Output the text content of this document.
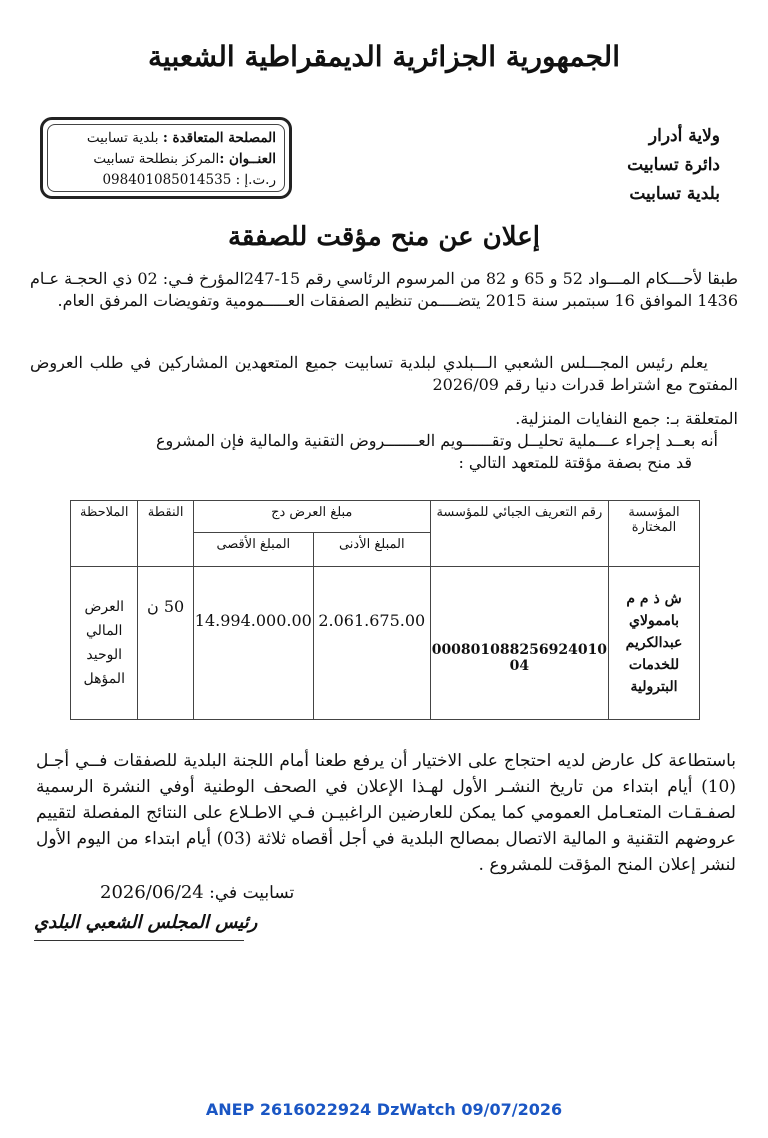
الجمهورية الجزائرية الديمقراطية الشعبية
ولاية أدرار
دائرة تسابيت
بلدية تسابيت
المصلحة المتعاقدة : بلدية تسابيت
العنــوان :المركز بنطلحة تسابيت
ر.ت.إ : 098401085014535
إعلان عن منح مؤقت للصفقة
طبقا لأحـــكام المـــواد 52 و 65 و 82 من المرسوم الرئاسي رقم 15-247المؤرخ فـي: 02 ذي الحجـة عـام 1436 الموافق 16 سبتمبر سنة 2015 يتضــــمن تنظيم الصفقات العـــــمومية وتفويضات المرفق العام.
يعلم رئيس المجـــلس الشعبي الـــبلدي لبلدية تسابيت جميع المتعهدين المشاركين في طلب العروض المفتوح مع اشتراط قدرات دنيا رقم 2026/09
المتعلقة بـ: جمع النفايات المنزلية.
أنه بعــد إجراء عـــملية تحليــل وتقــــــويم العـــــــروض التقنية والمالية فإن المشروع
قد منح بصفة مؤقتة للمتعهد التالي :
المؤسسة المختارة	رقم التعريف الجبائي للمؤسسة	مبلغ العرض دج		النقطة	الملاحظة
		المبلغ الأدنى	المبلغ الأقصى		
ش ذ م م باممولاي عبدالكريم للخدمات البترولية	000801088256924010 04	2.061.675.00	14.994.000.00	50 ن	العرض المالي الوحيد المؤهل
باستطاعة كل عارض لديه احتجاج على الاختيار أن يرفع طعنا أمام اللجنة البلدية للصفقات فــي أجـل (10) أيام ابتداء من تاريخ النشـر الأول لهـذا الإعلان في الصحف الوطنية أوفي النشرة الرسمية لصفـقـات المتعـامل العمومي كما يمكن للعارضين الراغبيـن فـي الاطـلاع على النتائج المفصلة لتقييم عروضهم التقنية و المالية الاتصال بمصالح البلدية في أجل أقصاه ثلاثة (03) أيام ابتداء من اليوم الأول لنشر إعلان المنح المؤقت للمشروع .
تسابيت في: 2026/06/24
رئيس المجلس الشعبي البلدي
ANEP 2616022924 DzWatch 09/07/2026
